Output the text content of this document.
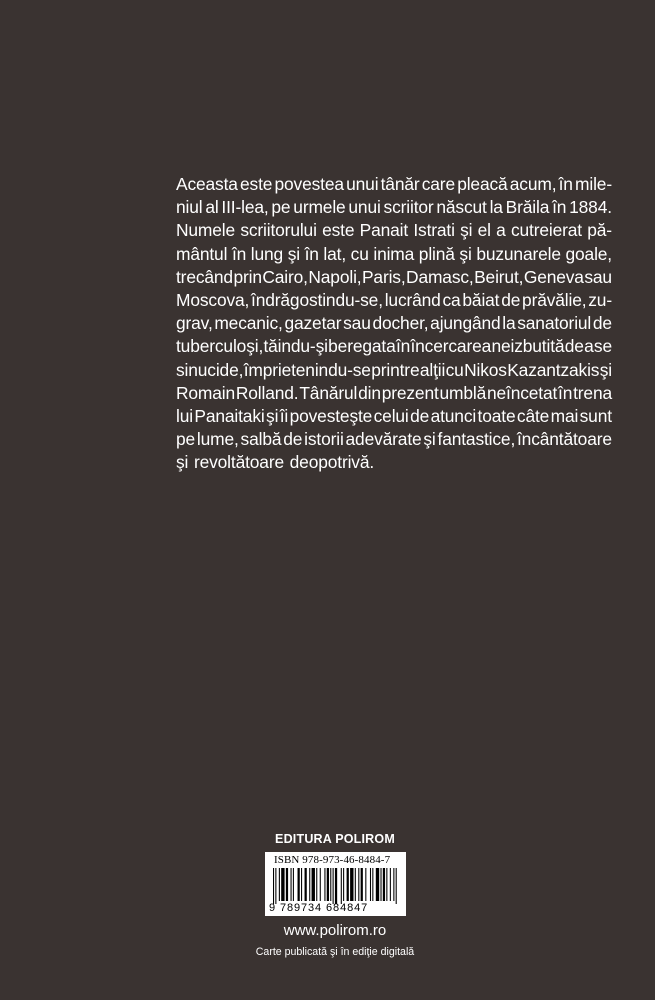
Aceasta este povestea unui tânăr care pleacă acum, în mile-
niul al III-lea, pe urmele unui scriitor născut la Brăila în 1884.
Numele scriitorului este Panait Istrati şi el a cutreierat pă-
mântul în lung şi în lat, cu inima plină şi buzunarele goale,
trecând prin Cairo, Napoli, Paris, Damasc, Beirut, Geneva sau
Moscova, îndrăgostindu-se, lucrând ca băiat de prăvălie, zu-
grav, mecanic, gazetar sau docher, ajungând la sanatoriul de
tuberculoşi, tăindu-şi beregata în încercarea neizbutită de a se
sinucide, împrietenindu-se printre alţii cu Nikos Kazantzakis şi
Romain Rolland. Tânărul din prezent umblă neîncetat în trena
lui Panaitaki şi îi povesteşte celui de atunci toate câte mai sunt
pe lume, salbă de istorii adevărate şi fantastice, încântătoare
şi revoltătoare deopotrivă.
EDITURA POLIROM
ISBN 978-973-46-8484-7
9 789734 684847
www.polirom.ro
Carte publicată şi în ediţie digitală
